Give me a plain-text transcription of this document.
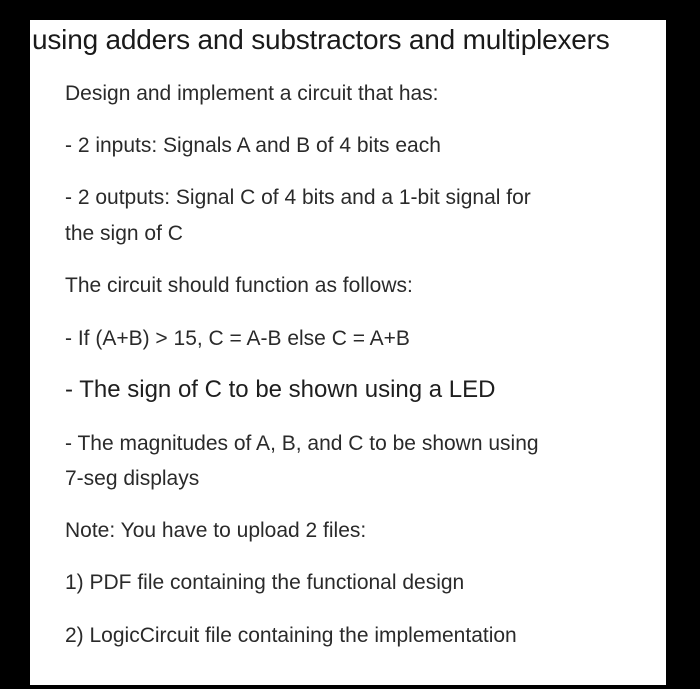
using adders and substractors and multiplexers
Design and implement a circuit that has:
- 2 inputs: Signals A and B of 4 bits each
- 2 outputs: Signal C of 4 bits and a 1-bit signal for
the sign of C
The circuit should function as follows:
- If (A+B) > 15, C = A-B else C = A+B
- The sign of C to be shown using a LED
- The magnitudes of A, B, and C to be shown using
7-seg displays
Note: You have to upload 2 files:
1) PDF file containing the functional design
2) LogicCircuit file containing the implementation
